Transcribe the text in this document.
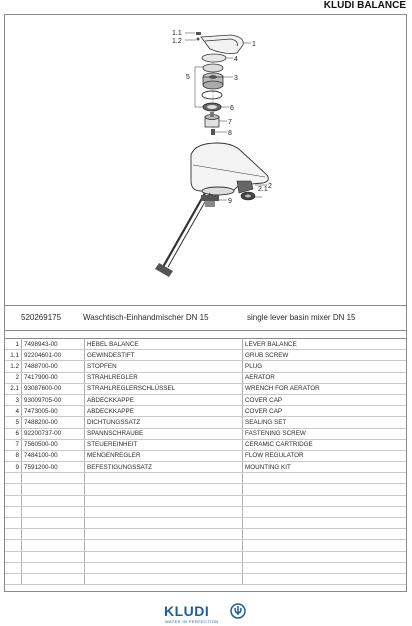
KLUDI BALANCE
1.1
1.2	1
4
5	3
6
7
8
9
2.1 2
520269175	Waschtisch-Einhandmischer DN 15	single lever basin mixer DN 15
1	7498943-00	HEBEL BALANCE	LEVER BALANCE
1.1	92204601-00	GEWINDESTIFT	GRUB SCREW
1.2	7488700-00	STOPFEN	PLUG
2	7417900-00	STRAHLREGLER	AERATOR
2.1	93087600-00	STRAHLREGLERSCHLÜSSEL	WRENCH FOR AERATOR
3	93009705-00	ABDECKKAPPE	COVER CAP
4	7473005-00	ABDECKKAPPE	COVER CAP
5	7488200-00	DICHTUNGSSATZ	SEALING SET
6	92200737-00	SPANNSCHRAUBE	FASTENING SCREW
7	7560500-00	STEUEREINHEIT	CERAMIC CARTRIDGE
8	7484100-00	MENGENREGLER	FLOW REGULATOR
9	7591200-00	BEFESTIGUNGSSATZ	MOUNTING KIT

KLUDI
WATER IN PERFECTION
